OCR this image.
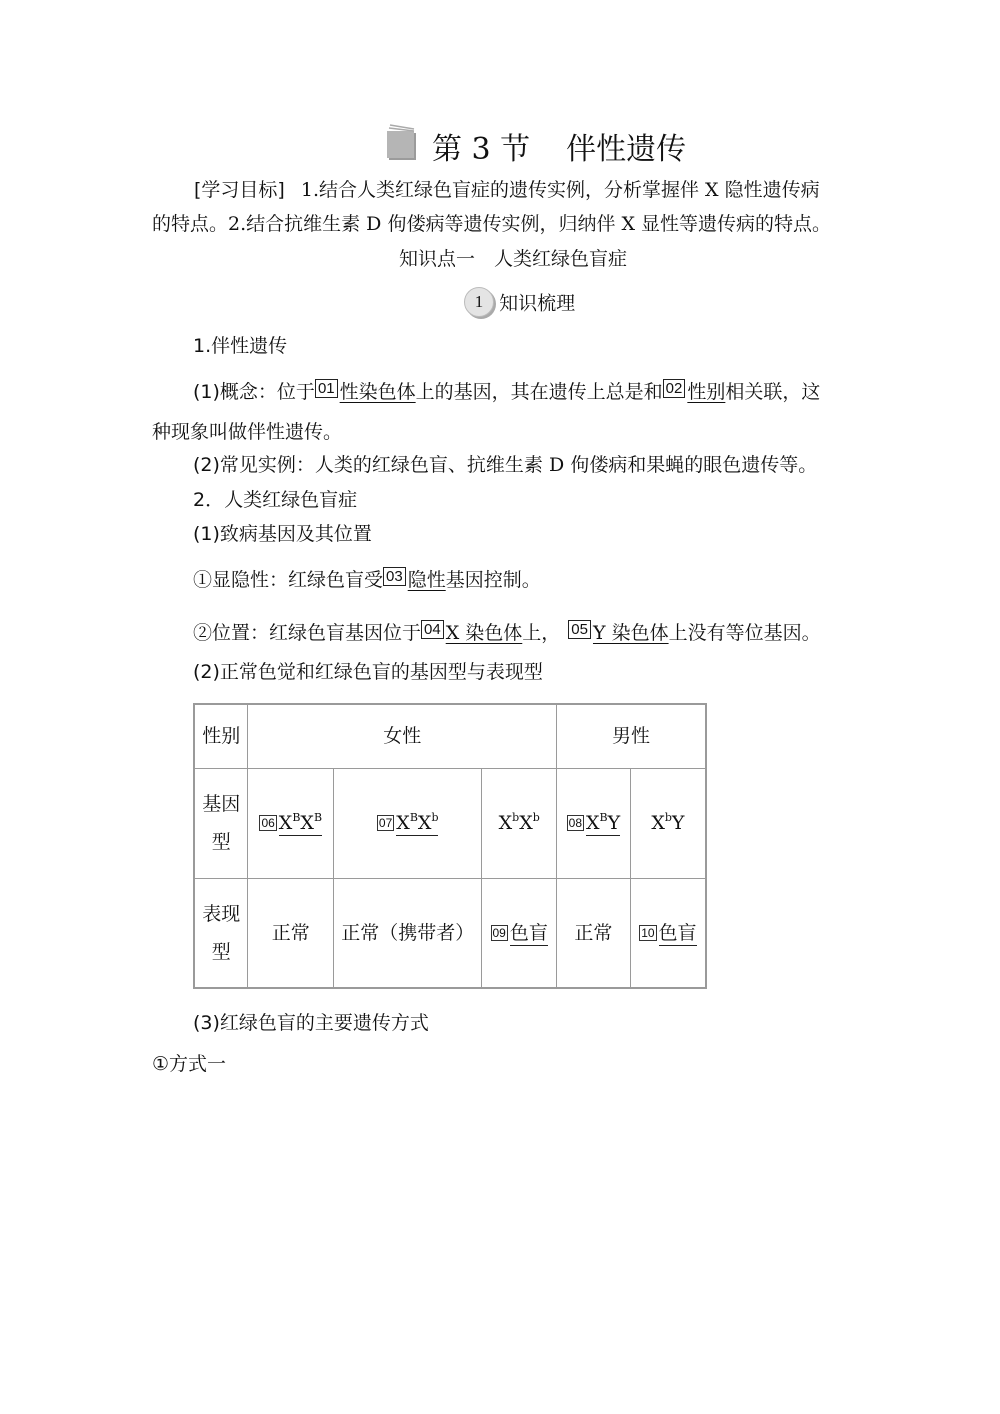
第 3 节 伴性遗传
[学习目标] 1.结合人类红绿色盲症的遗传实例，分析掌握伴 X 隐性遗传病
的特点。2.结合抗维生素 D 佝偻病等遗传实例，归纳伴 X 显性等遗传病的特点。
知识点一　人类红绿色盲症
1 知识梳理
1.伴性遗传
(1)概念：位于 01 性染色体上的基因，其在遗传上总是和 02 性别相关联，这
种现象叫做伴性遗传。
(2)常见实例：人类的红绿色盲、抗维生素 D 佝偻病和果蝇的眼色遗传等。
2．人类红绿色盲症
(1)致病基因及其位置
①显隐性：红绿色盲受 03 隐性基因控制。
②位置：红绿色盲基因位于 04 X 染色体上， 05 Y 染色体上没有等位基因。
(2)正常色觉和红绿色盲的基因型与表现型
性别	女性			男性	

基因型	06 $X^BX^B$	07 $X^BX^b$	$X^bX^b$	08 $X^BY$	$X^bY$

表现型	正常	正常（携带者）	09 色盲	正常	10 色盲
(3)红绿色盲的主要遗传方式
①方式一
